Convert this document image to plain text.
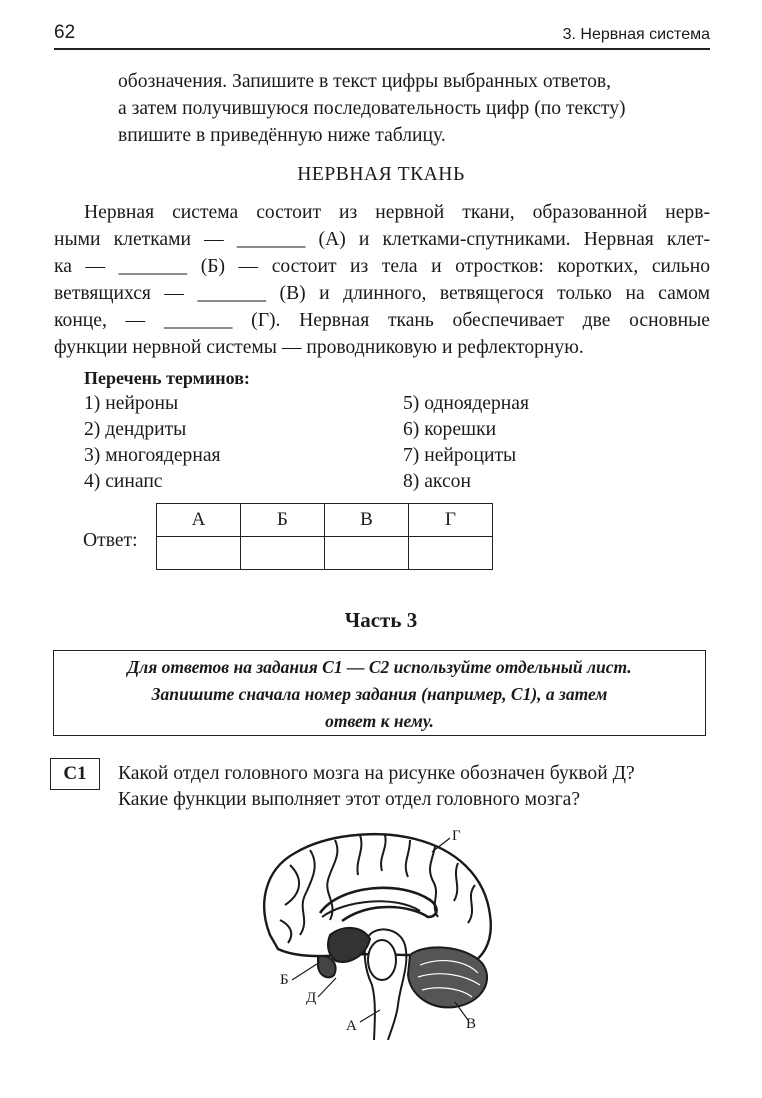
62	3. Нервная система
обозначения. Запишите в текст цифры выбранных ответов,
а затем получившуюся последовательность цифр (по тексту)
впишите в приведённую ниже таблицу.
НЕРВНАЯ ТКАНЬ
Нервная система состоит из нервной ткани, образованной нерв-
ными клетками — _______ (А) и клетками-спутниками. Нервная клет-
ка — _______ (Б) — состоит из тела и отростков: коротких, сильно
ветвящихся — _______ (В) и длинного, ветвящегося только на самом
конце, — _______ (Г). Нервная ткань обеспечивает две основные
функции нервной системы — проводниковую и рефлекторную.
Перечень терминов:
1) нейроны
2) дендриты
3) многоядерная
4) синапс
5) одноядерная
6) корешки
7) нейроциты
8) аксон
Ответ:
А	Б	В	Г

Часть 3
Для ответов на задания С1 — С2 используйте отдельный лист.
Запишите сначала номер задания (например, С1), а затем
ответ к нему.
С1	Какой отдел головного мозга на рисунке обозначен буквой Д?
Какие функции выполняет этот отдел головного мозга?
Г
Б
Д
А	В
